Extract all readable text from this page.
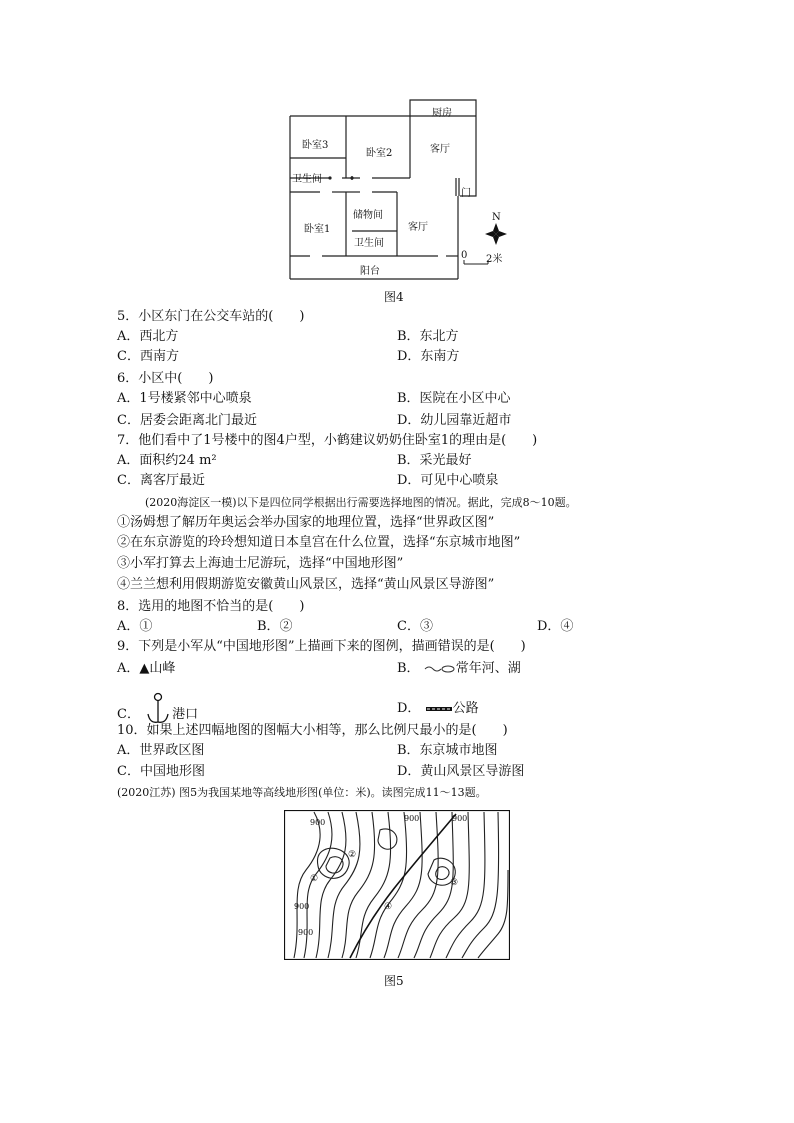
厨房
卧室3
卧室2	客厅
卫生间
门
卧室1
储物间
客厅
卫生间
阳台
N
0 2米
图4
5．小区东门在公交车站的(　　)
A．西北方	B．东北方
C．西南方	D．东南方
6．小区中(　　)
A．1号楼紧邻中心喷泉	B．医院在小区中心
C．居委会距离北门最近	D．幼儿园靠近超市
7．他们看中了1号楼中的图4户型，小鹤建议奶奶住卧室1的理由是(　　)
A．面积约24 m²	B．采光最好
C．离客厅最近	D．可见中心喷泉
(2020海淀区一模)以下是四位同学根据出行需要选择地图的情况。据此，完成8～10题。
①汤姆想了解历年奥运会举办国家的地理位置，选择“世界政区图”
②在东京游览的玲玲想知道日本皇宫在什么位置，选择“东京城市地图”
③小军打算去上海迪士尼游玩，选择“中国地形图”
④兰兰想利用假期游览安徽黄山风景区，选择“黄山风景区导游图”
8．选用的地图不恰当的是(　　)
A．①	B．②	C．③	D．④
9．下列是小军从“中国地形图”上描画下来的图例，描画错误的是(　　)
A．▲山峰	B．	常年河、湖
C． 港口	D． 公路
10．如果上述四幅地图的图幅大小相等，那么比例尺最小的是(　　)
A．世界政区图	B．东京城市地图
C．中国地形图	D．黄山风景区导游图
(2020江苏) 图5为我国某地等高线地形图(单位：米)。读图完成11～13题。
900	900	900
①
②
③
④
900
900
图5
